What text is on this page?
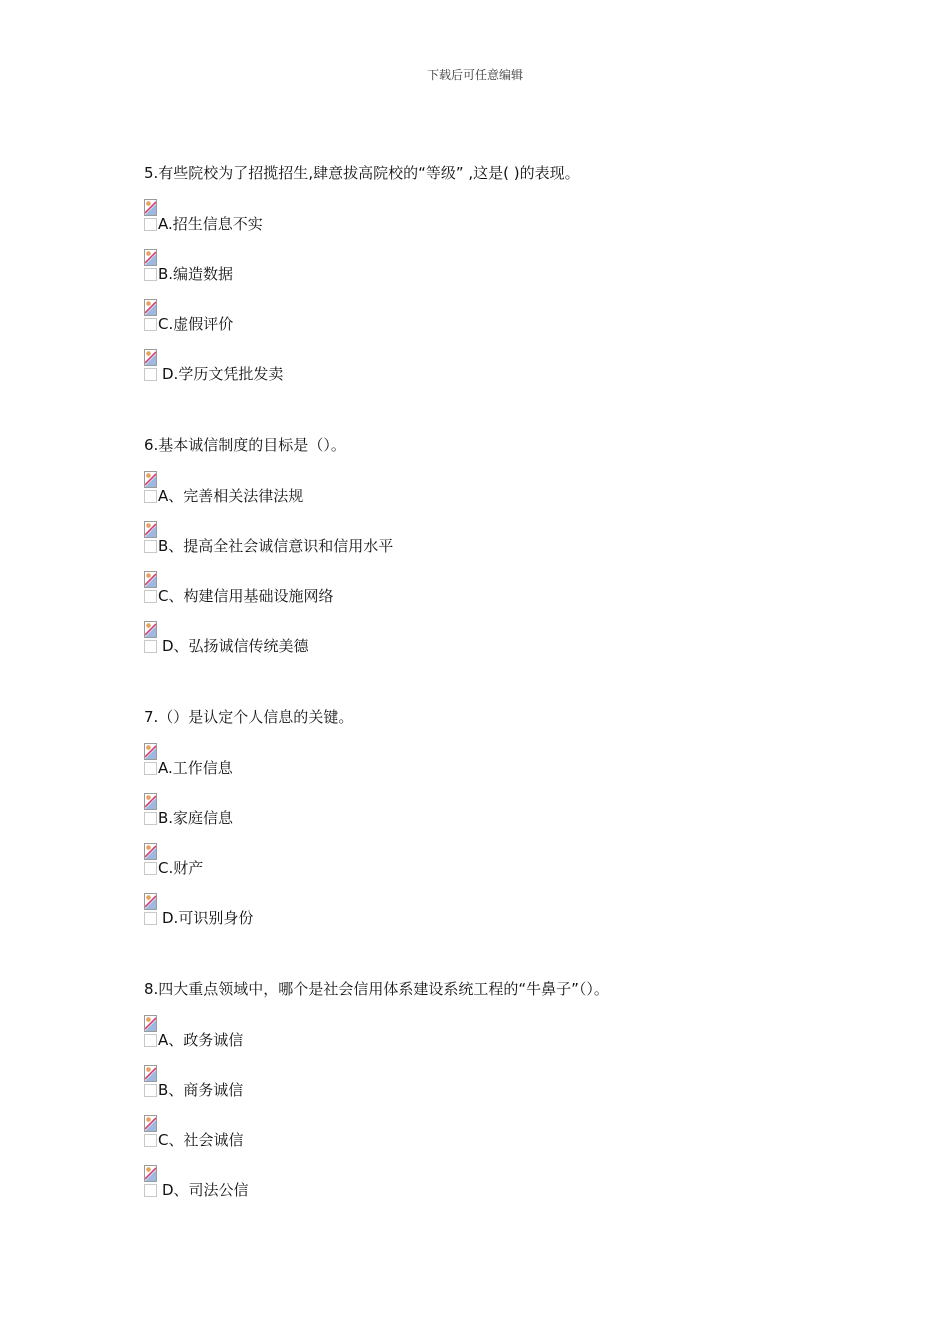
下载后可任意编辑
5.有些院校为了招揽招生,肆意拔高院校的“等级” ,这是( )的表现。
A.招生信息不实
B.编造数据
C.虚假评价
D.学历文凭批发卖
6.基本诚信制度的目标是（）。
A、完善相关法律法规
B、提高全社会诚信意识和信用水平
C、构建信用基础设施网络
D、弘扬诚信传统美德
7.（）是认定个人信息的关键。
A.工作信息
B.家庭信息
C.财产
D.可识别身份
8.四大重点领域中，哪个是社会信用体系建设系统工程的“牛鼻子”（）。
A、政务诚信
B、商务诚信
C、社会诚信
D、司法公信
